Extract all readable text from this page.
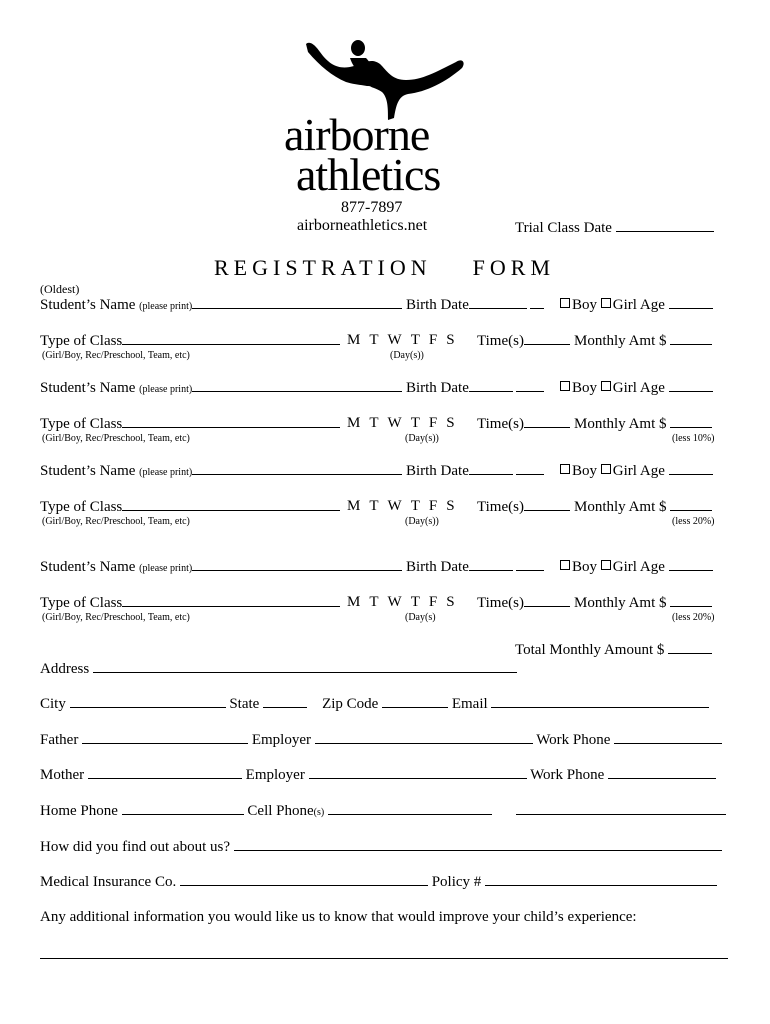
airborne
athletics
877-7897
airborneathletics.net	Trial Class Date
REGISTRATION FORM
(Oldest)
Student’s Name (please print)	Birth Date	Boy Girl Age
Type of Class	M T W T F S	Time(s)	Monthly Amt $
(Girl/Boy, Rec/Preschool, Team, etc)	(Day(s))
Student’s Name (please print)	Birth Date	Boy Girl Age
Type of Class	M T W T F S	Time(s)	Monthly Amt $
(Girl/Boy, Rec/Preschool, Team, etc)	(Day(s))	(less 10%)
Student’s Name (please print)	Birth Date	Boy Girl Age
Type of Class	M T W T F S	Time(s)	Monthly Amt $
(Girl/Boy, Rec/Preschool, Team, etc)	(Day(s))	(less 20%)
Student’s Name (please print)	Birth Date	Boy Girl Age
Type of Class	M T W T F S	Time(s)	Monthly Amt $
(Girl/Boy, Rec/Preschool, Team, etc)	(Day(s)	(less 20%)
Total Monthly Amount $
Address
City	State	Zip Code	Email
Father	Employer	Work Phone
Mother	Employer	Work Phone
Home Phone	Cell Phone(s)
How did you find out about us?
Medical Insurance Co.	Policy #
Any additional information you would like us to know that would improve your child’s experience:
